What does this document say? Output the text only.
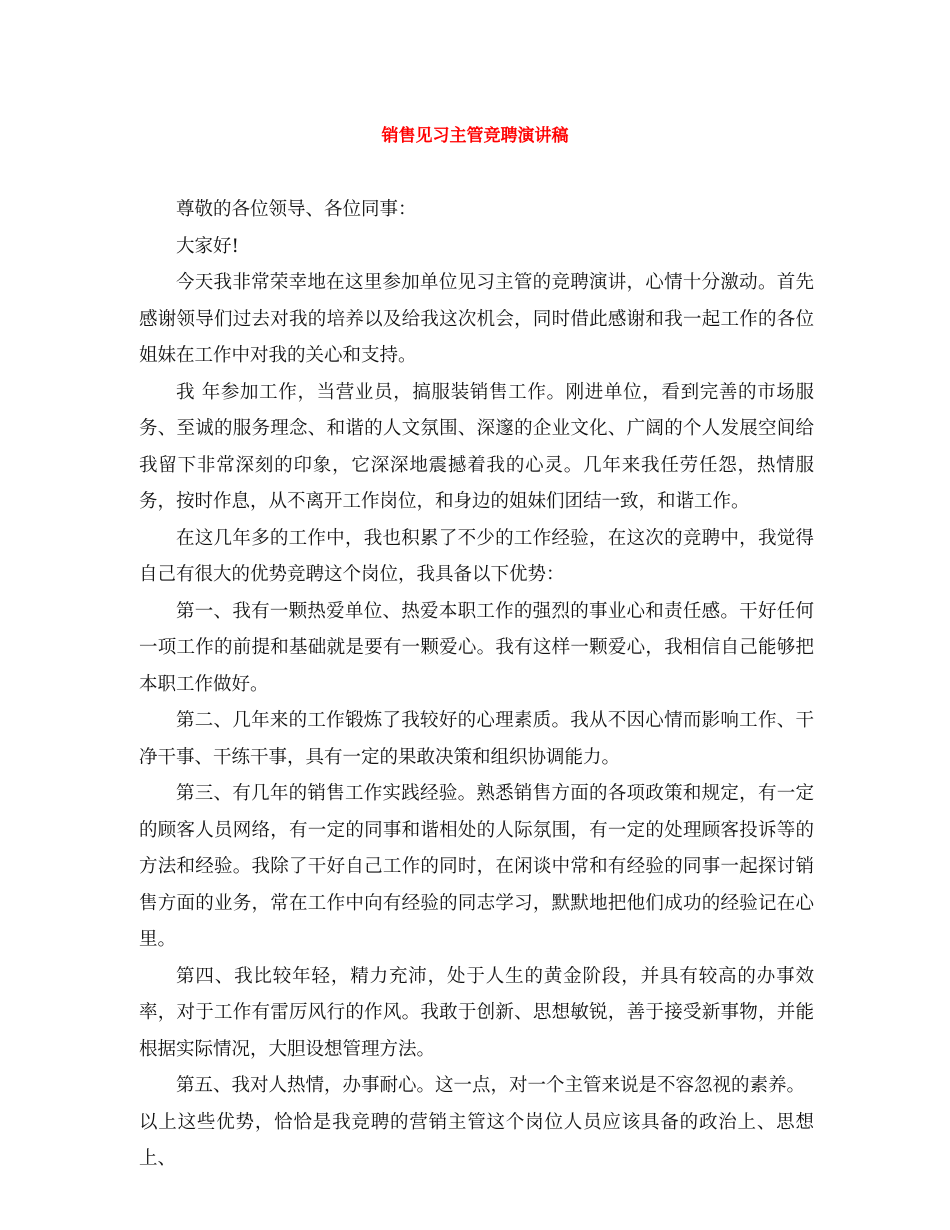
销售见习主管竞聘演讲稿

尊敬的各位领导、各位同事：

大家好!

今天我非常荣幸地在这里参加单位见习主管的竞聘演讲，心情十分激动。首先感谢领导们过去对我的培养以及给我这次机会，同时借此感谢和我一起工作的各位姐妹在工作中对我的关心和支持。

我 年参加工作，当营业员，搞服装销售工作。刚进单位，看到完善的市场服务、至诚的服务理念、和谐的人文氛围、深邃的企业文化、广阔的个人发展空间给我留下非常深刻的印象，它深深地震撼着我的心灵。几年来我任劳任怨，热情服务，按时作息，从不离开工作岗位，和身边的姐妹们团结一致，和谐工作。

在这几年多的工作中，我也积累了不少的工作经验，在这次的竞聘中，我觉得自己有很大的优势竞聘这个岗位，我具备以下优势：

第一、我有一颗热爱单位、热爱本职工作的强烈的事业心和责任感。干好任何一项工作的前提和基础就是要有一颗爱心。我有这样一颗爱心，我相信自己能够把本职工作做好。

第二、几年来的工作锻炼了我较好的心理素质。我从不因心情而影响工作、干净干事、干练干事，具有一定的果敢决策和组织协调能力。

第三、有几年的销售工作实践经验。熟悉销售方面的各项政策和规定，有一定的顾客人员网络，有一定的同事和谐相处的人际氛围，有一定的处理顾客投诉等的方法和经验。我除了干好自己工作的同时，在闲谈中常和有经验的同事一起探讨销售方面的业务，常在工作中向有经验的同志学习，默默地把他们成功的经验记在心里。

第四、我比较年轻，精力充沛，处于人生的黄金阶段，并具有较高的办事效率，对于工作有雷厉风行的作风。我敢于创新、思想敏锐，善于接受新事物，并能根据实际情况，大胆设想管理方法。

第五、我对人热情，办事耐心。这一点，对一个主管来说是不容忽视的素养。

以上这些优势，恰恰是我竞聘的营销主管这个岗位人员应该具备的政治上、思想上、
